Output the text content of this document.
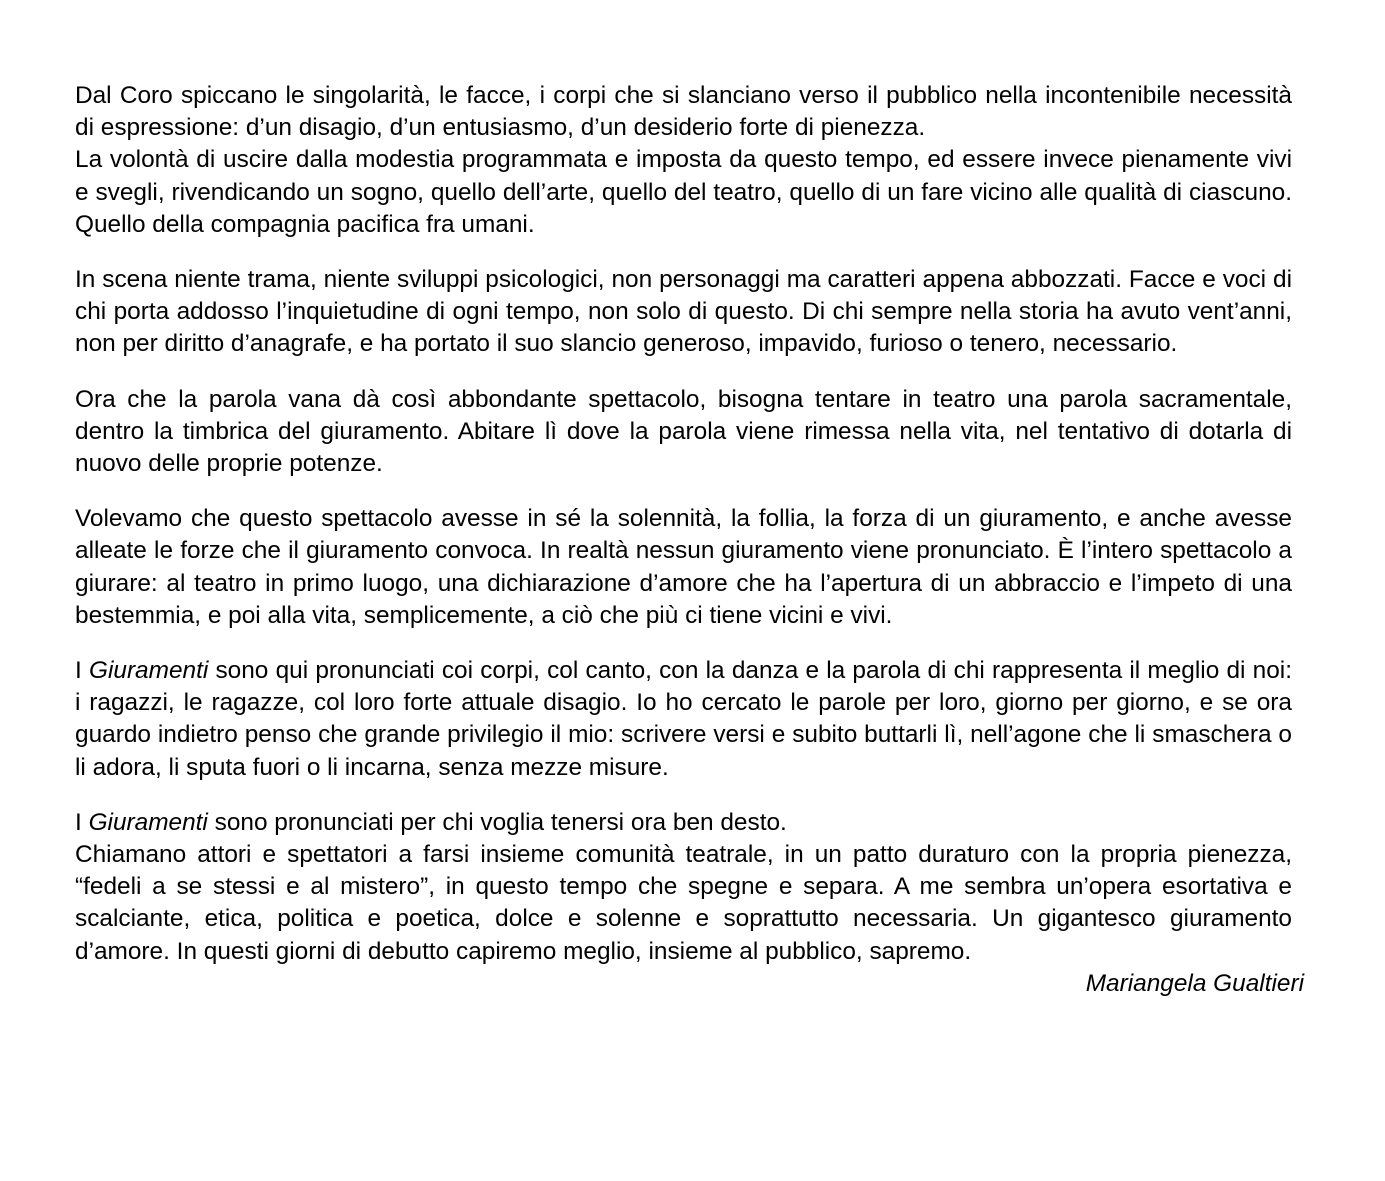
Dal Coro spiccano le singolarità, le facce, i corpi che si slanciano verso il pubblico nella incontenibile necessità di espressione: d’un disagio, d’un entusiasmo, d’un desiderio forte di pienezza.

La volontà di uscire dalla modestia programmata e imposta da questo tempo, ed essere invece pienamente vivi e svegli, rivendicando un sogno, quello dell’arte, quello del teatro, quello di un fare vicino alle qualità di ciascuno. Quello della compagnia pacifica fra umani.

In scena niente trama, niente sviluppi psicologici, non personaggi ma caratteri appena abbozzati. Facce e voci di chi porta addosso l’inquietudine di ogni tempo, non solo di questo. Di chi sempre nella storia ha avuto vent’anni, non per diritto d’anagrafe, e ha portato il suo slancio generoso, impavido, furioso o tenero, necessario.

Ora che la parola vana dà così abbondante spettacolo, bisogna tentare in teatro una parola sacramentale, dentro la timbrica del giuramento. Abitare lì dove la parola viene rimessa nella vita, nel tentativo di dotarla di nuovo delle proprie potenze.

Volevamo che questo spettacolo avesse in sé la solennità, la follia, la forza di un giuramento, e anche avesse alleate le forze che il giuramento convoca. In realtà nessun giuramento viene pronunciato. È l’intero spettacolo a giurare: al teatro in primo luogo, una dichiarazione d’amore che ha l’apertura di un abbraccio e l’impeto di una bestemmia, e poi alla vita, semplicemente, a ciò che più ci tiene vicini e vivi.

I Giuramenti sono qui pronunciati coi corpi, col canto, con la danza e la parola di chi rappresenta il meglio di noi: i ragazzi, le ragazze, col loro forte attuale disagio. Io ho cercato le parole per loro, giorno per giorno, e se ora guardo indietro penso che grande privilegio il mio: scrivere versi e subito buttarli lì, nell’agone che li smaschera o li adora, li sputa fuori o li incarna, senza mezze misure.

I Giuramenti sono pronunciati per chi voglia tenersi ora ben desto.

Chiamano attori e spettatori a farsi insieme comunità teatrale, in un patto duraturo con la propria pienezza, “fedeli a se stessi e al mistero”, in questo tempo che spegne e separa. A me sembra un’opera esortativa e scalciante, etica, politica e poetica, dolce e solenne e soprattutto necessaria. Un gigantesco giuramento d’amore. In questi giorni di debutto capiremo meglio, insieme al pubblico, sapremo.

Mariangela Gualtieri
